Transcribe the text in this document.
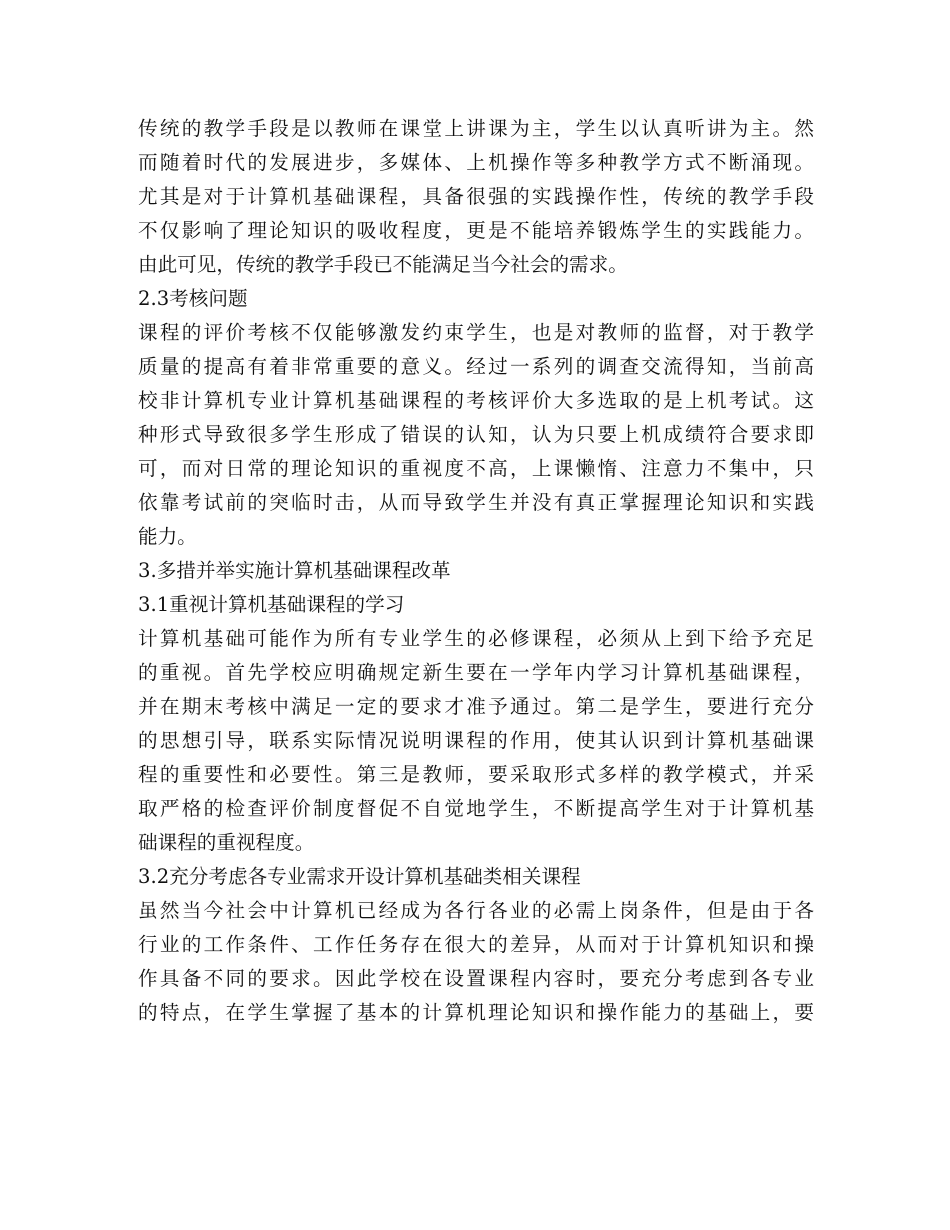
传统的教学手段是以教师在课堂上讲课为主，学生以认真听讲为主。然
而随着时代的发展进步，多媒体、上机操作等多种教学方式不断涌现。
尤其是对于计算机基础课程，具备很强的实践操作性，传统的教学手段
不仅影响了理论知识的吸收程度，更是不能培养锻炼学生的实践能力。
由此可见，传统的教学手段已不能满足当今社会的需求。
2.3考核问题
课程的评价考核不仅能够激发约束学生，也是对教师的监督，对于教学
质量的提高有着非常重要的意义。经过一系列的调查交流得知，当前高
校非计算机专业计算机基础课程的考核评价大多选取的是上机考试。这
种形式导致很多学生形成了错误的认知，认为只要上机成绩符合要求即
可，而对日常的理论知识的重视度不高，上课懒惰、注意力不集中，只
依靠考试前的突临时击，从而导致学生并没有真正掌握理论知识和实践
能力。
3.多措并举实施计算机基础课程改革
3.1重视计算机基础课程的学习
计算机基础可能作为所有专业学生的必修课程，必须从上到下给予充足
的重视。首先学校应明确规定新生要在一学年内学习计算机基础课程，
并在期末考核中满足一定的要求才准予通过。第二是学生，要进行充分
的思想引导，联系实际情况说明课程的作用，使其认识到计算机基础课
程的重要性和必要性。第三是教师，要采取形式多样的教学模式，并采
取严格的检查评价制度督促不自觉地学生，不断提高学生对于计算机基
础课程的重视程度。
3.2充分考虑各专业需求开设计算机基础类相关课程
虽然当今社会中计算机已经成为各行各业的必需上岗条件，但是由于各
行业的工作条件、工作任务存在很大的差异，从而对于计算机知识和操
作具备不同的要求。因此学校在设置课程内容时，要充分考虑到各专业
的特点，在学生掌握了基本的计算机理论知识和操作能力的基础上，要
